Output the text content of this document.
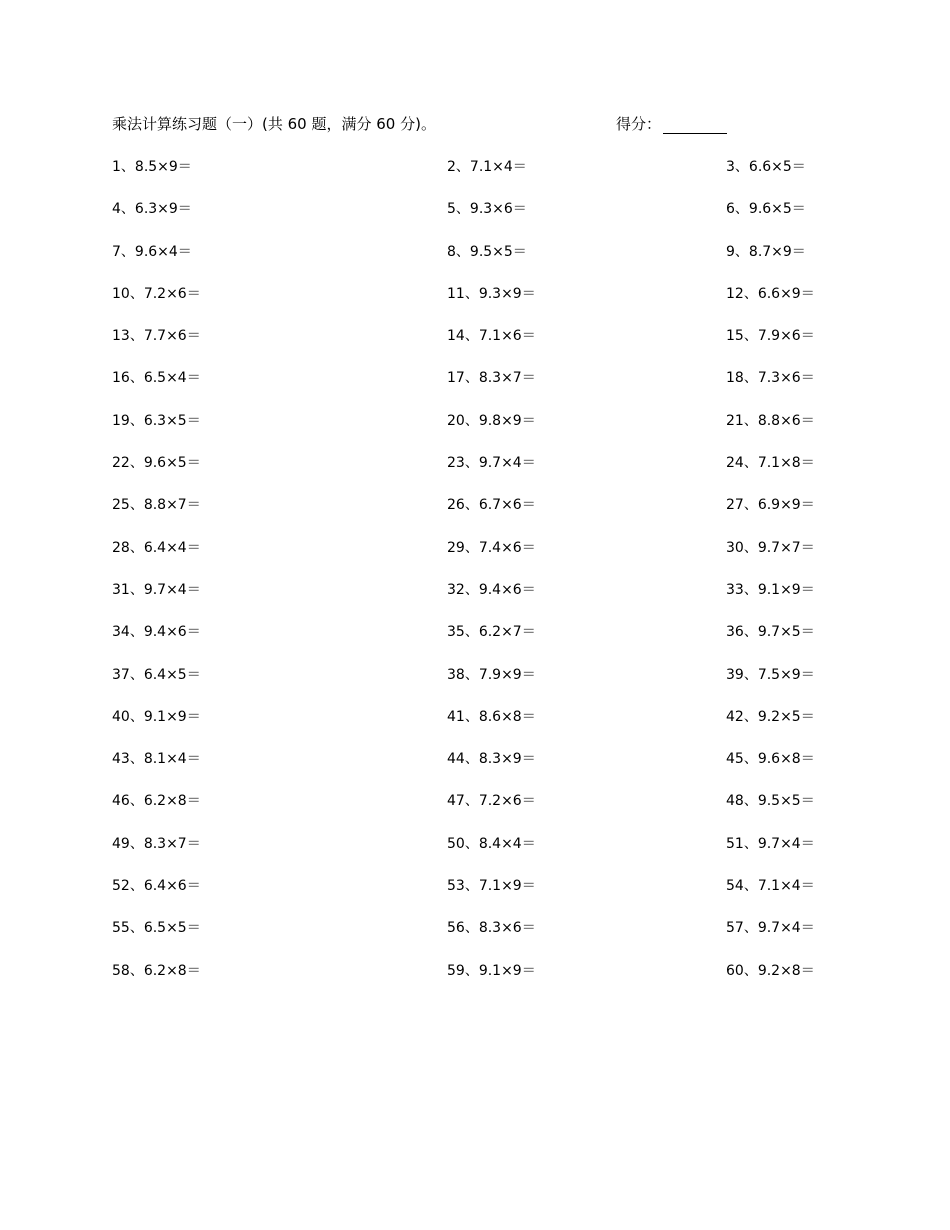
乘法计算练习题（一）(共 60 题，满分 60 分)。	得分：
1、8.5×9＝	2、7.1×4＝	3、6.6×5＝
4、6.3×9＝	5、9.3×6＝	6、9.6×5＝
7、9.6×4＝	8、9.5×5＝	9、8.7×9＝
10、7.2×6＝	11、9.3×9＝	12、6.6×9＝
13、7.7×6＝	14、7.1×6＝	15、7.9×6＝
16、6.5×4＝	17、8.3×7＝	18、7.3×6＝
19、6.3×5＝	20、9.8×9＝	21、8.8×6＝
22、9.6×5＝	23、9.7×4＝	24、7.1×8＝
25、8.8×7＝	26、6.7×6＝	27、6.9×9＝
28、6.4×4＝	29、7.4×6＝	30、9.7×7＝
31、9.7×4＝	32、9.4×6＝	33、9.1×9＝
34、9.4×6＝	35、6.2×7＝	36、9.7×5＝
37、6.4×5＝	38、7.9×9＝	39、7.5×9＝
40、9.1×9＝	41、8.6×8＝	42、9.2×5＝
43、8.1×4＝	44、8.3×9＝	45、9.6×8＝
46、6.2×8＝	47、7.2×6＝	48、9.5×5＝
49、8.3×7＝	50、8.4×4＝	51、9.7×4＝
52、6.4×6＝	53、7.1×9＝	54、7.1×4＝
55、6.5×5＝	56、8.3×6＝	57、9.7×4＝
58、6.2×8＝	59、9.1×9＝	60、9.2×8＝
